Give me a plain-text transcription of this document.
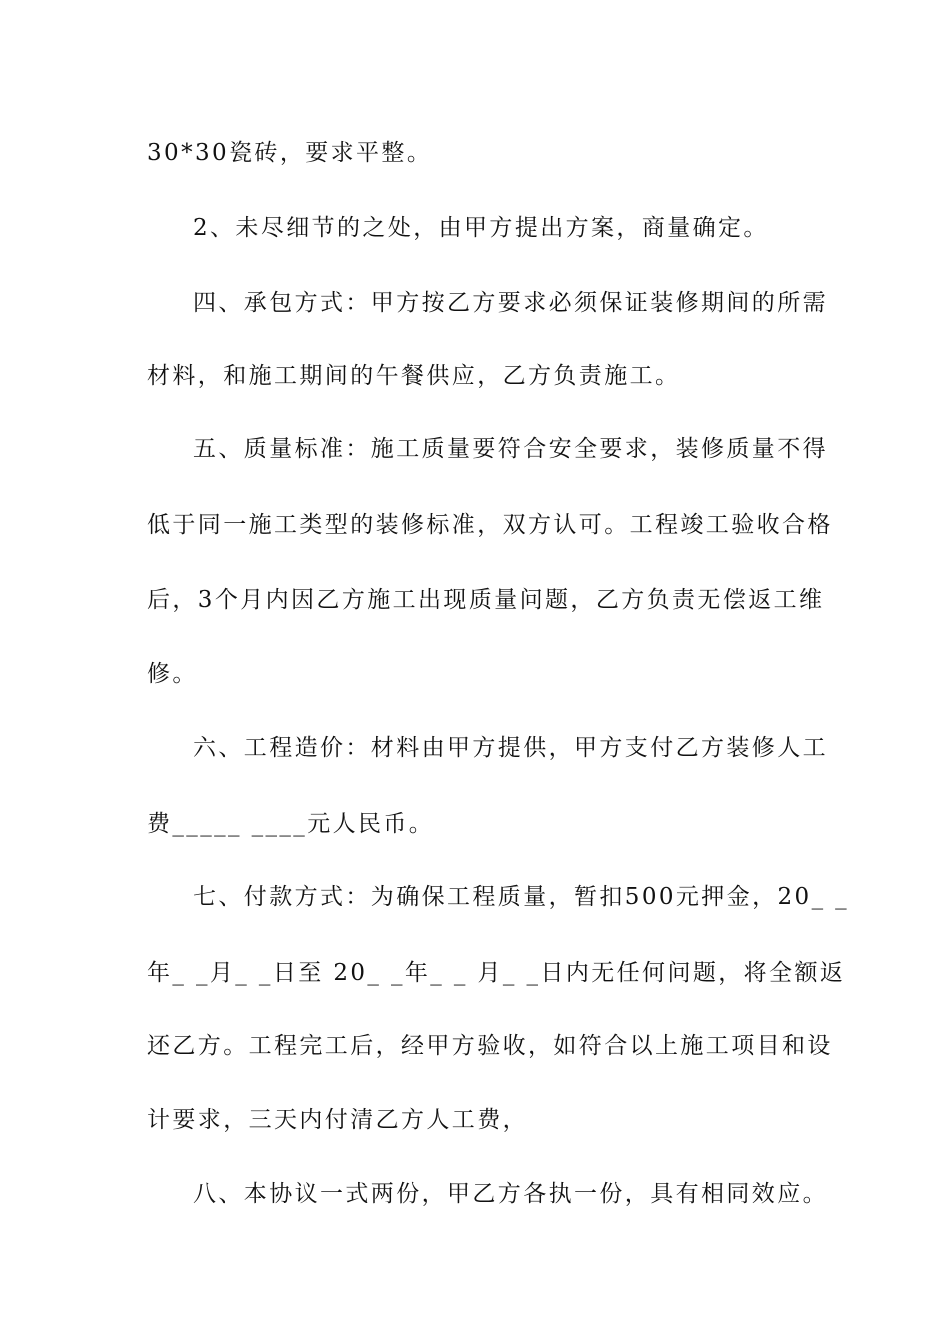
30*30瓷砖，要求平整。
2、未尽细节的之处，由甲方提出方案，商量确定。
四、承包方式：甲方按乙方要求必须保证装修期间的所需
材料，和施工期间的午餐供应，乙方负责施工。
五、质量标准：施工质量要符合安全要求，装修质量不得
低于同一施工类型的装修标准，双方认可。工程竣工验收合格
后，3个月内因乙方施工出现质量问题，乙方负责无偿返工维
修。
六、工程造价：材料由甲方提供，甲方支付乙方装修人工
费_____ ____元人民币。
七、付款方式：为确保工程质量，暂扣500元押金，20_ _
年_ _月_ _日至 20_ _年_ _ 月_ _日内无任何问题，将全额返
还乙方。工程完工后，经甲方验收，如符合以上施工项目和设
计要求，三天内付清乙方人工费，
八、本协议一式两份，甲乙方各执一份，具有相同效应。
